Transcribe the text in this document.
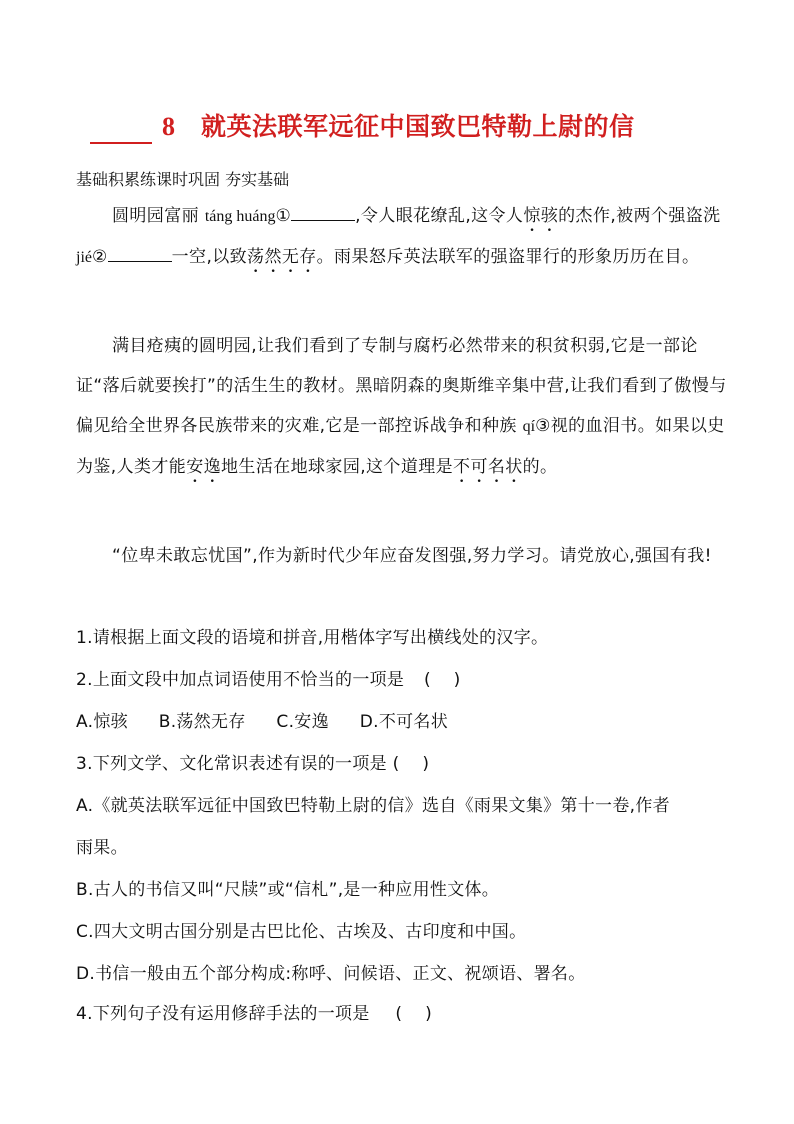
8 就英法联军远征中国致巴特勒上尉的信
基础积累练课时巩固 夯实基础
圆明园富丽 táng huáng①	,令人眼花缭乱,这令人惊骇的杰作,被两个强盗洗 jié②	一空,以致荡然无存。雨果怒斥英法联军的强盗罪行的形象历历在目。
满目疮痍的圆明园,让我们看到了专制与腐朽必然带来的积贫积弱,它是一部论证“落后就要挨打”的活生生的教材。黑暗阴森的奥斯维辛集中营,让我们看到了傲慢与偏见给全世界各民族带来的灾难,它是一部控诉战争和种族 qí③视的血泪书。如果以史为鉴,人类才能安逸地生活在地球家园,这个道理是不可名状的。
“位卑未敢忘忧国”,作为新时代少年应奋发图强,努力学习。请党放心,强国有我!
1.请根据上面文段的语境和拼音,用楷体字写出横线处的汉字。
2.上面文段中加点词语使用不恰当的一项是 (    )
A.惊骇    B.荡然无存    C.安逸    D.不可名状
3.下列文学、文化常识表述有误的一项是 (    )
A.《就英法联军远征中国致巴特勒上尉的信》选自《雨果文集》第十一卷,作者
雨果。
B.古人的书信又叫“尺牍”或“信札”,是一种应用性文体。
C.四大文明古国分别是古巴比伦、古埃及、古印度和中国。
D.书信一般由五个部分构成:称呼、问候语、正文、祝颂语、署名。
4.下列句子没有运用修辞手法的一项是 (    )
